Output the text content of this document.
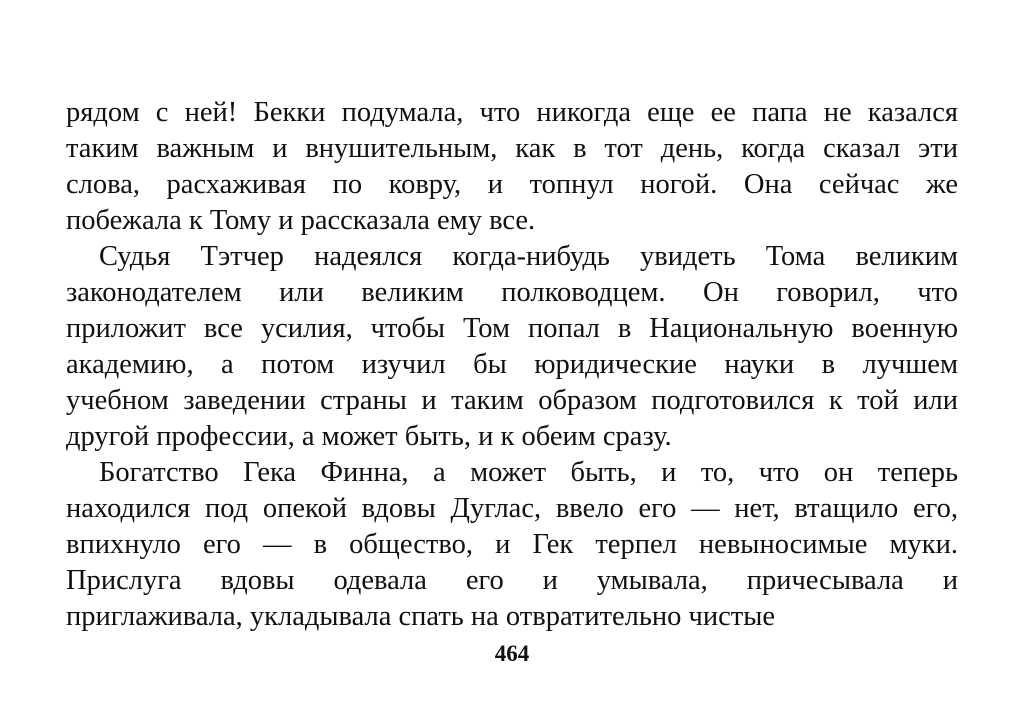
рядом с ней! Бекки подумала, что никогда еще ее папа не казался
таким важным и внушительным, как в тот день, когда сказал эти
слова, расхаживая по ковру, и топнул ногой. Она сейчас же
побежала к Тому и рассказала ему все.
Судья Тэтчер надеялся когда-нибудь увидеть Тома великим
законодателем или великим полководцем. Он говорил, что
приложит все усилия, чтобы Том попал в Национальную военную
академию, а потом изучил бы юридические науки в лучшем
учебном заведении страны и таким образом подготовился к той или
другой профессии, а может быть, и к обеим сразу.
Богатство Гека Финна, а может быть, и то, что он теперь
находился под опекой вдовы Дуглас, ввело его — нет, втащило его,
впихнуло его — в общество, и Гек терпел невыносимые муки.
Прислуга вдовы одевала его и умывала, причесывала и
приглаживала, укладывала спать на отвратительно чистые
464
